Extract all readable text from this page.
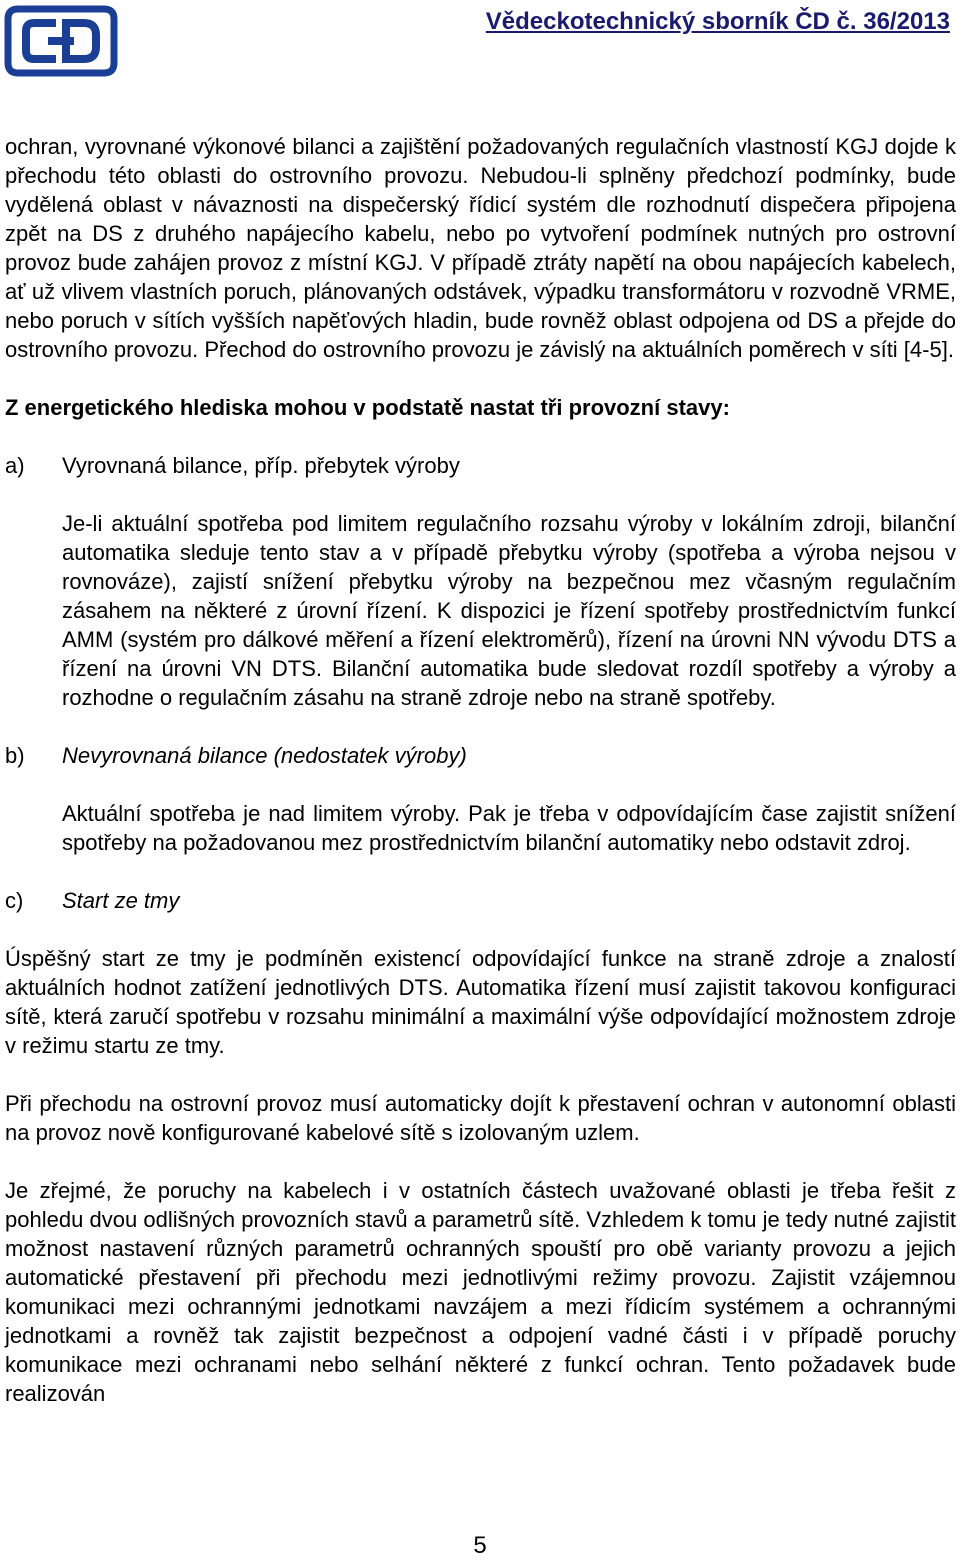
Vědeckotechnický sborník ČD č. 36/2013

ochran, vyrovnané výkonové bilanci a zajištění požadovaných regulačních vlastností KGJ dojde k přechodu této oblasti do ostrovního provozu. Nebudou-li splněny předchozí podmínky, bude vydělená oblast v návaznosti na dispečerský řídicí systém dle rozhodnutí dispečera připojena zpět na DS z druhého napájecího kabelu, nebo po vytvoření podmínek nutných pro ostrovní provoz bude zahájen provoz z místní KGJ. V případě ztráty napětí na obou napájecích kabelech, ať už vlivem vlastních poruch, plánovaných odstávek, výpadku transformátoru v rozvodně VRME, nebo poruch v sítích vyšších napěťových hladin, bude rovněž oblast odpojena od DS a přejde do ostrovního provozu. Přechod do ostrovního provozu je závislý na aktuálních poměrech v síti [4-5].

Z energetického hlediska mohou v podstatě nastat tři provozní stavy:
a)	Vyrovnaná bilance, příp. přebytek výroby

Je-li aktuální spotřeba pod limitem regulačního rozsahu výroby v lokálním zdroji, bilanční automatika sleduje tento stav a v případě přebytku výroby (spotřeba a výroba nejsou v rovnováze), zajistí snížení přebytku výroby na bezpečnou mez včasným regulačním zásahem na některé z úrovní řízení. K dispozici je řízení spotřeby prostřednictvím funkcí AMM (systém pro dálkové měření a řízení elektroměrů), řízení na úrovni NN vývodu DTS a řízení na úrovni VN DTS. Bilanční automatika bude sledovat rozdíl spotřeby a výroby a rozhodne o regulačním zásahu na straně zdroje nebo na straně spotřeby.

b)	Nevyrovnaná bilance (nedostatek výroby)

Aktuální spotřeba je nad limitem výroby. Pak je třeba v odpovídajícím čase zajistit snížení spotřeby na požadovanou mez prostřednictvím bilanční automatiky nebo odstavit zdroj.

c)	Start ze tmy

Úspěšný start ze tmy je podmíněn existencí odpovídající funkce na straně zdroje a znalostí aktuálních hodnot zatížení jednotlivých DTS. Automatika řízení musí zajistit takovou konfiguraci sítě, která zaručí spotřebu v rozsahu minimální a maximální výše odpovídající možnostem zdroje v režimu startu ze tmy.

Při přechodu na ostrovní provoz musí automaticky dojít k přestavení ochran v autonomní oblasti na provoz nově konfigurované kabelové sítě s izolovaným uzlem.

Je zřejmé, že poruchy na kabelech i v ostatních částech uvažované oblasti je třeba řešit z pohledu dvou odlišných provozních stavů a parametrů sítě. Vzhledem k tomu je tedy nutné zajistit možnost nastavení různých parametrů ochranných spouští pro obě varianty provozu a jejich automatické přestavení při přechodu mezi jednotlivými režimy provozu. Zajistit vzájemnou komunikaci mezi ochrannými jednotkami navzájem a mezi řídicím systémem a ochrannými jednotkami a rovněž tak zajistit bezpečnost a odpojení vadné části i v případě poruchy komunikace mezi ochranami nebo selhání některé z funkcí ochran. Tento požadavek bude realizován

5
